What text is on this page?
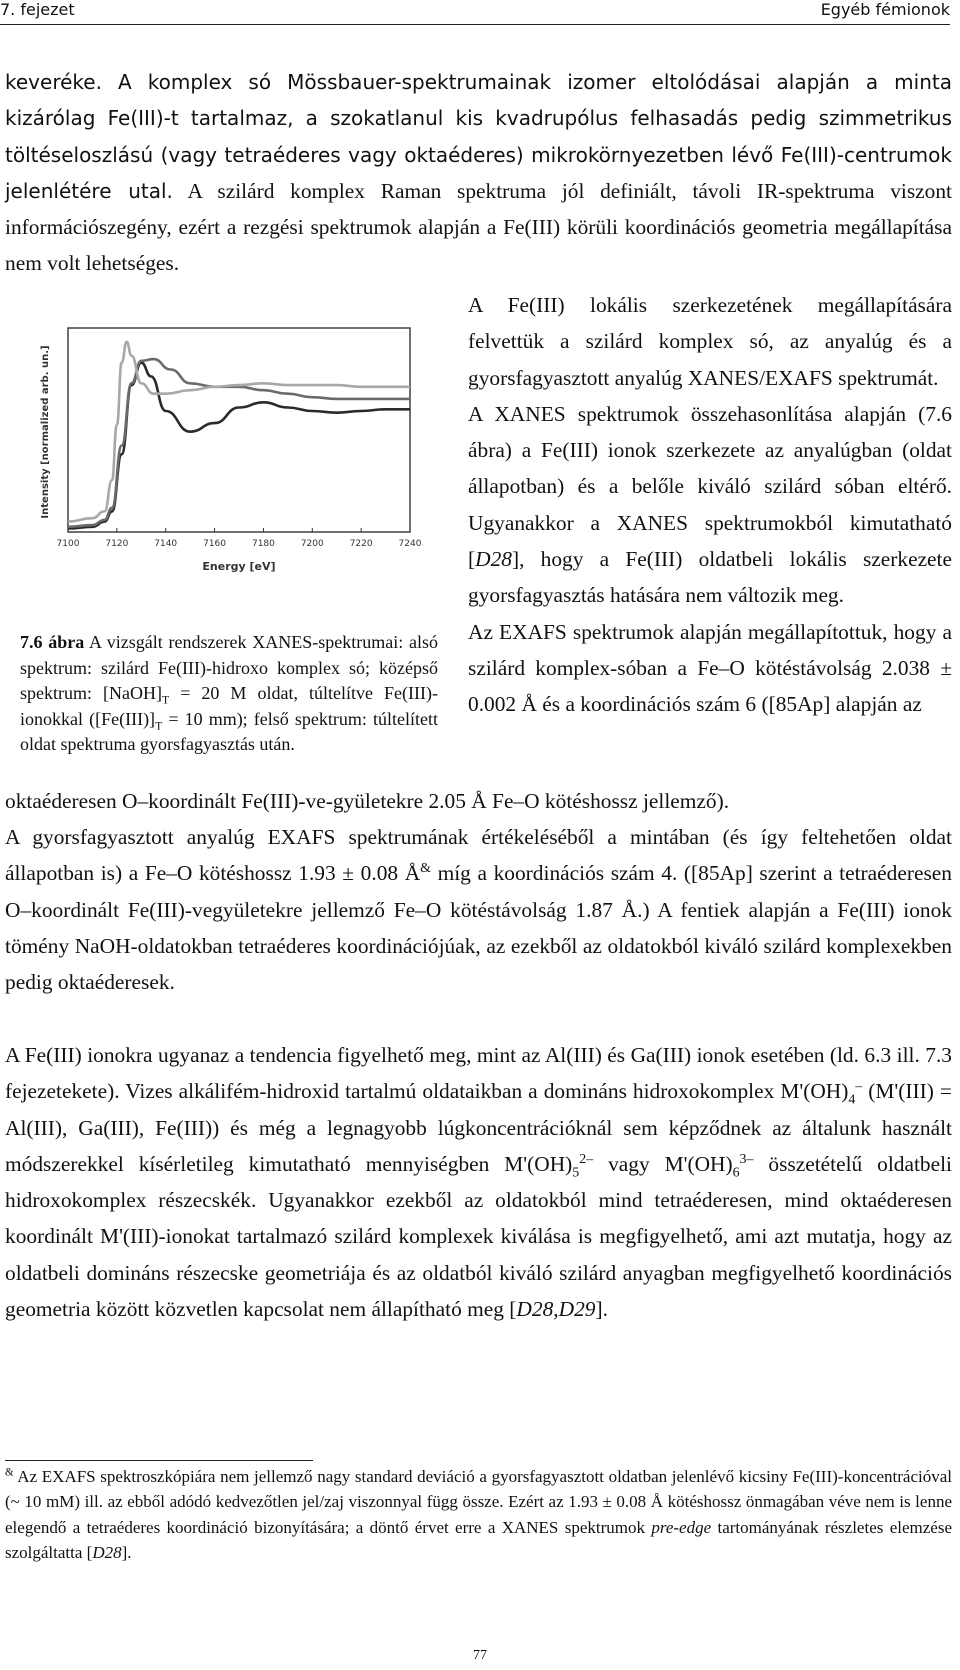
7. fejezet	Egyéb fémionok

keveréke. A komplex só Mössbauer-spektrumainak izomer eltolódásai alapján a minta kizárólag Fe(III)-t tartalmaz, a szokatlanul kis kvadrupólus felhasadás pedig szimmetrikus töltéseloszlású (vagy tetraéderes vagy oktaéderes) mikrokörnyezetben lévő Fe(III)-centrumok jelenlétére utal. A szilárd komplex Raman spektruma jól definiált, távoli IR-spektruma viszont információszegény, ezért a rezgési spektrumok alapján a Fe(III) körüli koordinációs geometria megállapítása nem volt lehetséges.

7100	7120	7140	7160	7180	7200	7220	7240
Intensity [normalized arb. un.]
Energy [eV]

7.6 ábra A vizsgált rendszerek XANES-spektrumai: alsó spektrum: szilárd Fe(III)-hidroxo komplex só; középső spektrum: $[NaOH]_T = 20$ M oldat, túltelítve Fe(III)-ionokkal ($[Fe(III)]_T = 10$ mm); felső spektrum: túltelített oldat spektruma gyorsfagyasztás után.

A Fe(III) lokális szerkezetének megállapítására felvettük a szilárd komplex só, az anyalúg és a gyorsfagyasztott anyalúg XANES/EXAFS spektrumát.

A XANES spektrumok összehasonlítása alapján (7.6 ábra) a Fe(III) ionok szerkezete az anyalúgban (oldat állapotban) és a belőle kiváló szilárd sóban eltérő. Ugyanakkor a XANES spektrumokból kimutatható [D28], hogy a Fe(III) oldatbeli lokális szerkezete gyorsfagyasztás hatására nem változik meg.

Az EXAFS spektrumok alapján megállapítottuk, hogy a szilárd komplex-sóban a Fe–O kötéstávolság 2.038 ± 0.002 Å és a koordinációs szám 6 ([85Ap] alapján az

oktaéderesen O–koordinált Fe(III)-ve-gyületekre 2.05 Å Fe–O kötéshossz jellemző).

A gyorsfagyasztott anyalúg EXAFS spektrumának értékeléséből a mintában (és így feltehetően oldat állapotban is) a Fe–O kötéshossz 1.93 ± 0.08 Å& míg a koordinációs szám 4. ([85Ap] szerint a tetraéderesen O–koordinált Fe(III)-vegyületekre jellemző Fe–O kötéstávolság 1.87 Å.) A fentiek alapján a Fe(III) ionok tömény NaOH-oldatokban tetraéderes koordinációjúak, az ezekből az oldatokból kiváló szilárd komplexekben pedig oktaéderesek.

A Fe(III) ionokra ugyanaz a tendencia figyelhető meg, mint az Al(III) és Ga(III) ionok esetében (ld. 6.3 ill. 7.3 fejezetekete). Vizes alkálifém-hidroxid tartalmú oldataikban a domináns hidroxokomplex $M'(OH)_4^-$ (M'(III) = Al(III), Ga(III), Fe(III)) és még a legnagyobb lúgkoncentrációknál sem képződnek az általunk használt módszerekkel kísérletileg kimutatható mennyiségben $M'(OH)_5^{2-}$ vagy $M'(OH)_6^{3-}$ összetételű oldatbeli hidroxokomplex részecskék. Ugyanakkor ezekből az oldatokból mind tetraéderesen, mind oktaéderesen koordinált M'(III)-ionokat tartalmazó szilárd komplexek kiválása is megfigyelhető, ami azt mutatja, hogy az oldatbeli domináns részecske geometriája és az oldatból kiváló szilárd anyagban megfigyelhető koordinációs geometria között közvetlen kapcsolat nem állapítható meg [D28,D29].

& Az EXAFS spektroszkópiára nem jellemző nagy standard deviáció a gyorsfagyasztott oldatban jelenlévő kicsiny Fe(III)-koncentrációval (~ 10 mM) ill. az ebből adódó kedvezőtlen jel/zaj viszonnyal függ össze. Ezért az 1.93 ± 0.08 Å kötéshossz önmagában véve nem is lenne elegendő a tetraéderes koordináció bizonyítására; a döntő érvet erre a XANES spektrumok pre-edge tartományának részletes elemzése szolgáltatta [D28].

77
